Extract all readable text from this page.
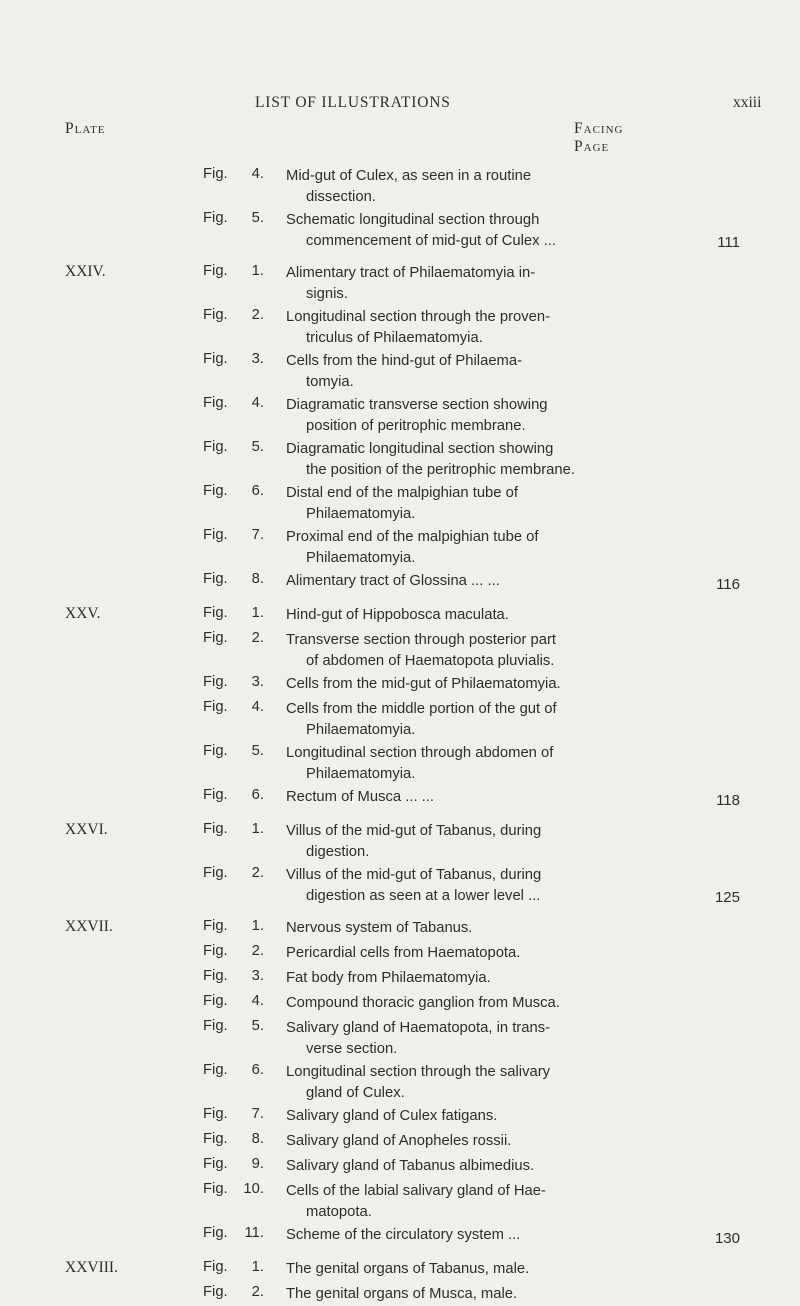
LIST OF ILLUSTRATIONS	xxiii
Plate	Facing Page
Fig.	4. Mid-gut of Culex, as seen in a routine
dissection.
Fig.	5. Schematic longitudinal section through
commencement of mid-gut of Culex ...	111
XXIV.	Fig.	1. Alimentary tract of Philaematomyia in-
signis.
Fig.	2. Longitudinal section through the proven-
triculus of Philaematomyia.
Fig.	3. Cells from the hind-gut of Philaema-
tomyia.
Fig.	4. Diagramatic transverse section showing
position of peritrophic membrane.
Fig.	5. Diagramatic longitudinal section showing
the position of the peritrophic membrane.
Fig.	6. Distal end of the malpighian tube of
Philaematomyia.
Fig.	7. Proximal end of the malpighian tube of
Philaematomyia.
Fig.	8. Alimentary tract of Glossina ... ...	116
XXV.	Fig.	1. Hind-gut of Hippobosca maculata.
Fig.	2. Transverse section through posterior part
of abdomen of Haematopota pluvialis.
Fig.	3. Cells from the mid-gut of Philaematomyia.
Fig.	4. Cells from the middle portion of the gut of
Philaematomyia.
Fig.	5. Longitudinal section through abdomen of
Philaematomyia.
Fig.	6. Rectum of Musca ... ...	118
XXVI.	Fig.	1. Villus of the mid-gut of Tabanus, during
digestion.
Fig.	2. Villus of the mid-gut of Tabanus, during
digestion as seen at a lower level ...	125
XXVII.	Fig.	1. Nervous system of Tabanus.
Fig.	2. Pericardial cells from Haematopota.
Fig.	3. Fat body from Philaematomyia.
Fig.	4. Compound thoracic ganglion from Musca.
Fig.	5. Salivary gland of Haematopota, in trans-
verse section.
Fig.	6. Longitudinal section through the salivary
gland of Culex.
Fig.	7. Salivary gland of Culex fatigans.
Fig.	8. Salivary gland of Anopheles rossii.
Fig.	9. Salivary gland of Tabanus albimedius.
Fig.	10. Cells of the labial salivary gland of Hae-
matopota.
Fig.	11. Scheme of the circulatory system ...	130
XXVIII.	Fig.	1. The genital organs of Tabanus, male.
Fig.	2. The genital organs of Musca, male.
